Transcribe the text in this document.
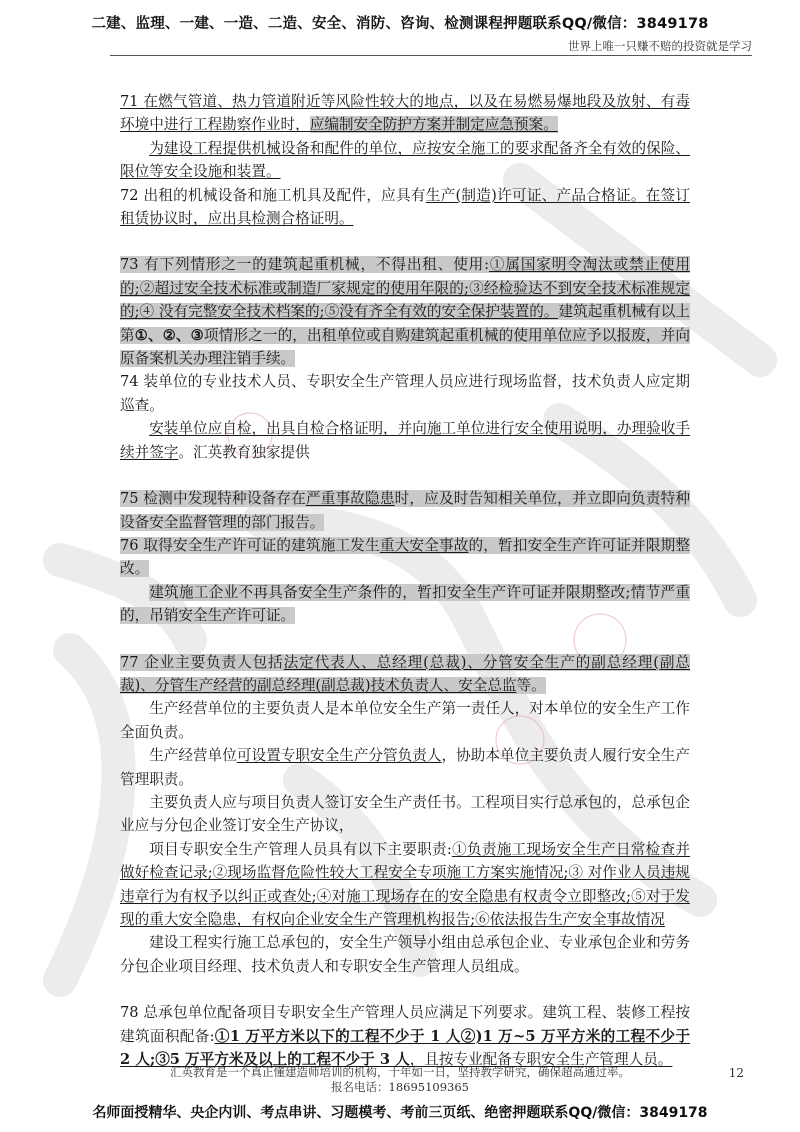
二建、监理、一建、一造、二造、安全、消防、咨询、检测课程押题联系QQ/微信：3849178
世界上唯一只赚不赔的投资就是学习

71 在燃气管道、热力管道附近等风险性较大的地点，以及在易燃易爆地段及放射、有毒环境中进行工程勘察作业时，应编制安全防护方案并制定应急预案。

为建设工程提供机械设备和配件的单位，应按安全施工的要求配备齐全有效的保险、限位等安全设施和装置。

72 出租的机械设备和施工机具及配件，应具有生产(制造)许可证、产品合格证。在签订租赁协议时，应出具检测合格证明。

73 有下列情形之一的建筑起重机械，不得出租、使用:①属国家明令淘汰或禁止使用的;②超过安全技术标准或制造厂家规定的使用年限的;③经检验达不到安全技术标准规定的;④ 没有完整安全技术档案的;⑤没有齐全有效的安全保护装置的。建筑起重机械有以上第①、②、③项情形之一的，出租单位或自购建筑起重机械的使用单位应予以报废，并向原备案机关办理注销手续。

74 装单位的专业技术人员、专职安全生产管理人员应进行现场监督，技术负责人应定期巡查。

安装单位应自检，出具自检合格证明，并向施工单位进行安全使用说明，办理验收手续并签字。汇英教育独家提供

75 检测中发现特种设备存在严重事故隐患时，应及时告知相关单位，并立即向负责特种设备安全监督管理的部门报告。

76 取得安全生产许可证的建筑施工发生重大安全事故的，暂扣安全生产许可证并限期整改。

建筑施工企业不再具备安全生产条件的，暂扣安全生产许可证并限期整改;情节严重的，吊销安全生产许可证。

77 企业主要负责人包括法定代表人、总经理(总裁)、分管安全生产的副总经理(副总裁)、分管生产经营的副总经理(副总裁)技术负责人、安全总监等。

生产经营单位的主要负责人是本单位安全生产第一责任人，对本单位的安全生产工作全面负责。

生产经营单位可设置专职安全生产分管负责人，协助本单位主要负责人履行安全生产管理职责。

主要负责人应与项目负责人签订安全生产责任书。工程项目实行总承包的，总承包企业应与分包企业签订安全生产协议，

项目专职安全生产管理人员具有以下主要职责:①负责施工现场安全生产日常检查并做好检查记录;②现场监督危险性较大工程安全专项施工方案实施情况;③ 对作业人员违规违章行为有权予以纠正或查处;④对施工现场存在的安全隐患有权责令立即整改;⑤对于发现的重大安全隐患，有权向企业安全生产管理机构报告;⑥依法报告生产安全事故情况

建设工程实行施工总承包的，安全生产领导小组由总承包企业、专业承包企业和劳务分包企业项目经理、技术负责人和专职安全生产管理人员组成。

78 总承包单位配备项目专职安全生产管理人员应满足下列要求。建筑工程、装修工程按建筑面积配备:①1 万平方米以下的工程不少于 1 人②)1 万~5 万平方米的工程不少于 2 人;③5 万平方米及以上的工程不少于 3 人，且按专业配备专职安全生产管理人员。

汇英教育是一个真正懂建造师培训的机构，十年如一日，坚持教学研究，确保超高通过率。
报名电话：18695109365
12
名师面授精华、央企内训、考点串讲、习题模考、考前三页纸、绝密押题联系QQ/微信：3849178
